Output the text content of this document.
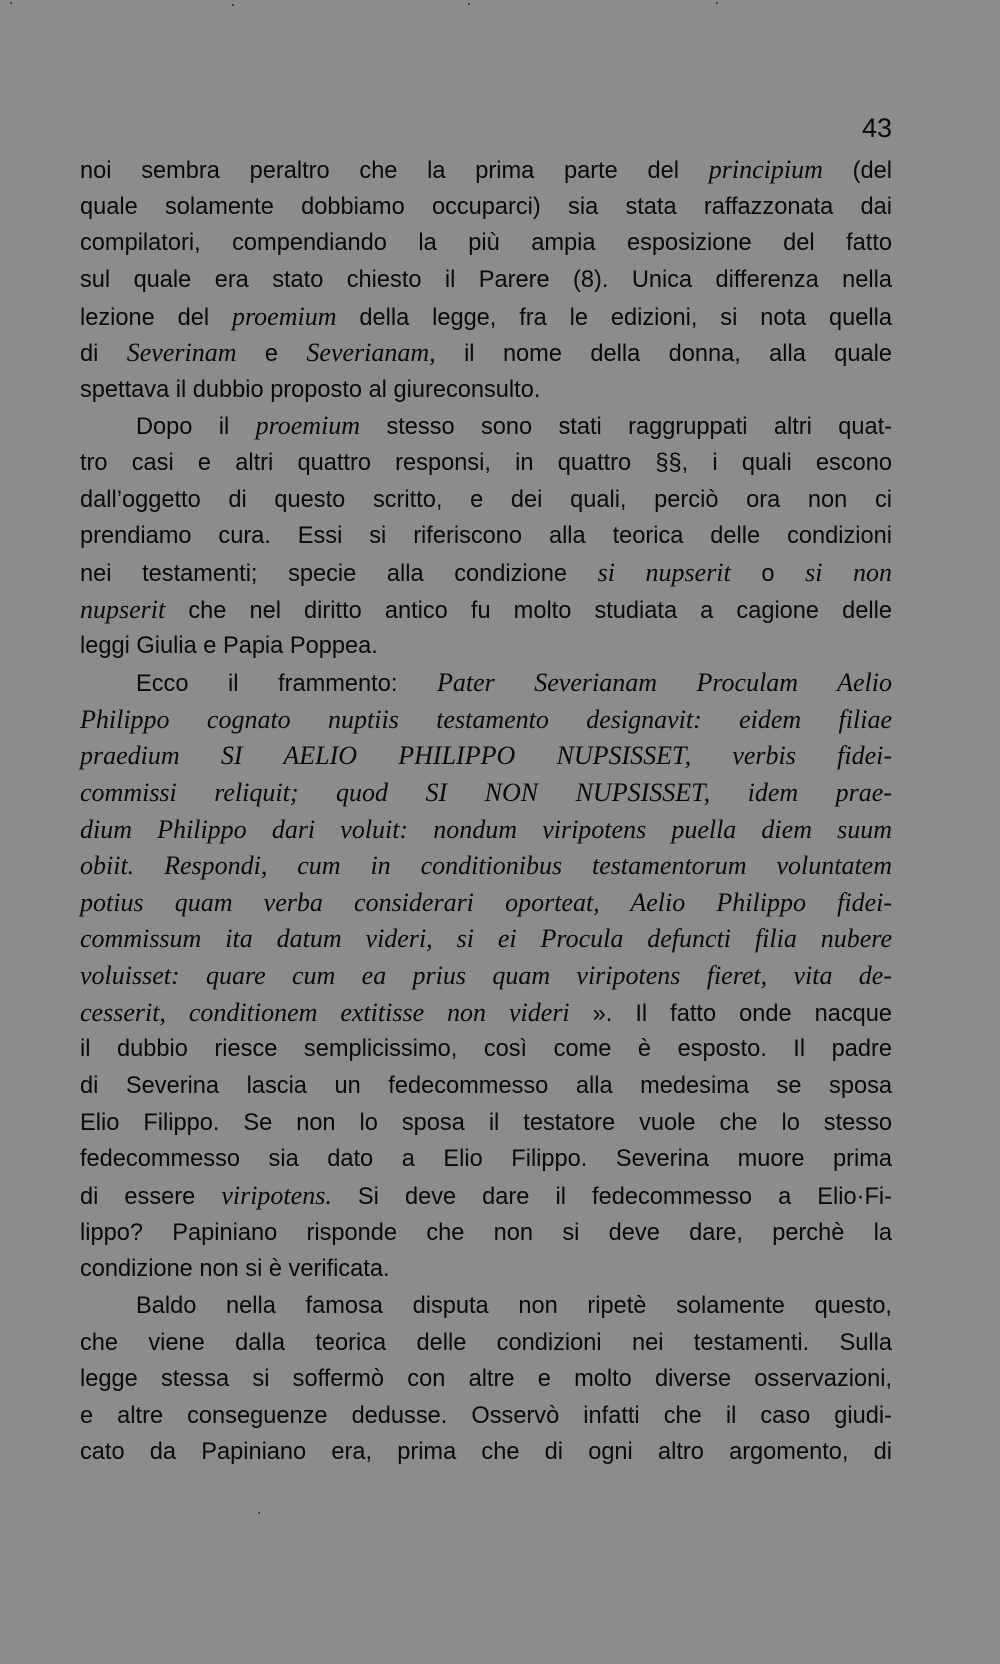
43
noi sembra peraltro che la prima parte del principium (del
quale solamente dobbiamo occuparci) sia stata raffazzonata dai
compilatori, compendiando la più ampia esposizione del fatto
sul quale era stato chiesto il Parere (8). Unica differenza nella
lezione del proemium della legge, fra le edizioni, si nota quella
di Severinam e Severianam, il nome della donna, alla quale
spettava il dubbio proposto al giureconsulto.
Dopo il proemium stesso sono stati raggruppati altri quat-
tro casi e altri quattro responsi, in quattro §§, i quali escono
dall’oggetto di questo scritto, e dei quali, perciò ora non ci
prendiamo cura. Essi si riferiscono alla teorica delle condizioni
nei testamenti; specie alla condizione si nupserit o si non
nupserit che nel diritto antico fu molto studiata a cagione delle
leggi Giulia e Papia Poppea.
Ecco il frammento: Pater Severianam Proculam Aelio
Philippo cognato nuptiis testamento designavit: eidem filiae
praedium SI AELIO PHILIPPO NUPSISSET, verbis fidei-
commissi reliquit; quod SI NON NUPSISSET, idem prae-
dium Philippo dari voluit: nondum viripotens puella diem suum
obiit. Respondi, cum in conditionibus testamentorum voluntatem
potius quam verba considerari oporteat, Aelio Philippo fidei-
commissum ita datum videri, si ei Procula defuncti filia nubere
voluisset: quare cum ea prius quam viripotens fieret, vita de-
cesserit, conditionem extitisse non videri ». Il fatto onde nacque
il dubbio riesce semplicissimo, così come è esposto. Il padre
di Severina lascia un fedecommesso alla medesima se sposa
Elio Filippo. Se non lo sposa il testatore vuole che lo stesso
fedecommesso sia dato a Elio Filippo. Severina muore prima
di essere viripotens. Si deve dare il fedecommesso a Elio·Fi-
lippo? Papiniano risponde che non si deve dare, perchè la
condizione non si è verificata.
Baldo nella famosa disputa non ripetè solamente questo,
che viene dalla teorica delle condizioni nei testamenti. Sulla
legge stessa si soffermò con altre e molto diverse osservazioni,
e altre conseguenze dedusse. Osservò infatti che il caso giudi-
cato da Papiniano era, prima che di ogni altro argomento, di
